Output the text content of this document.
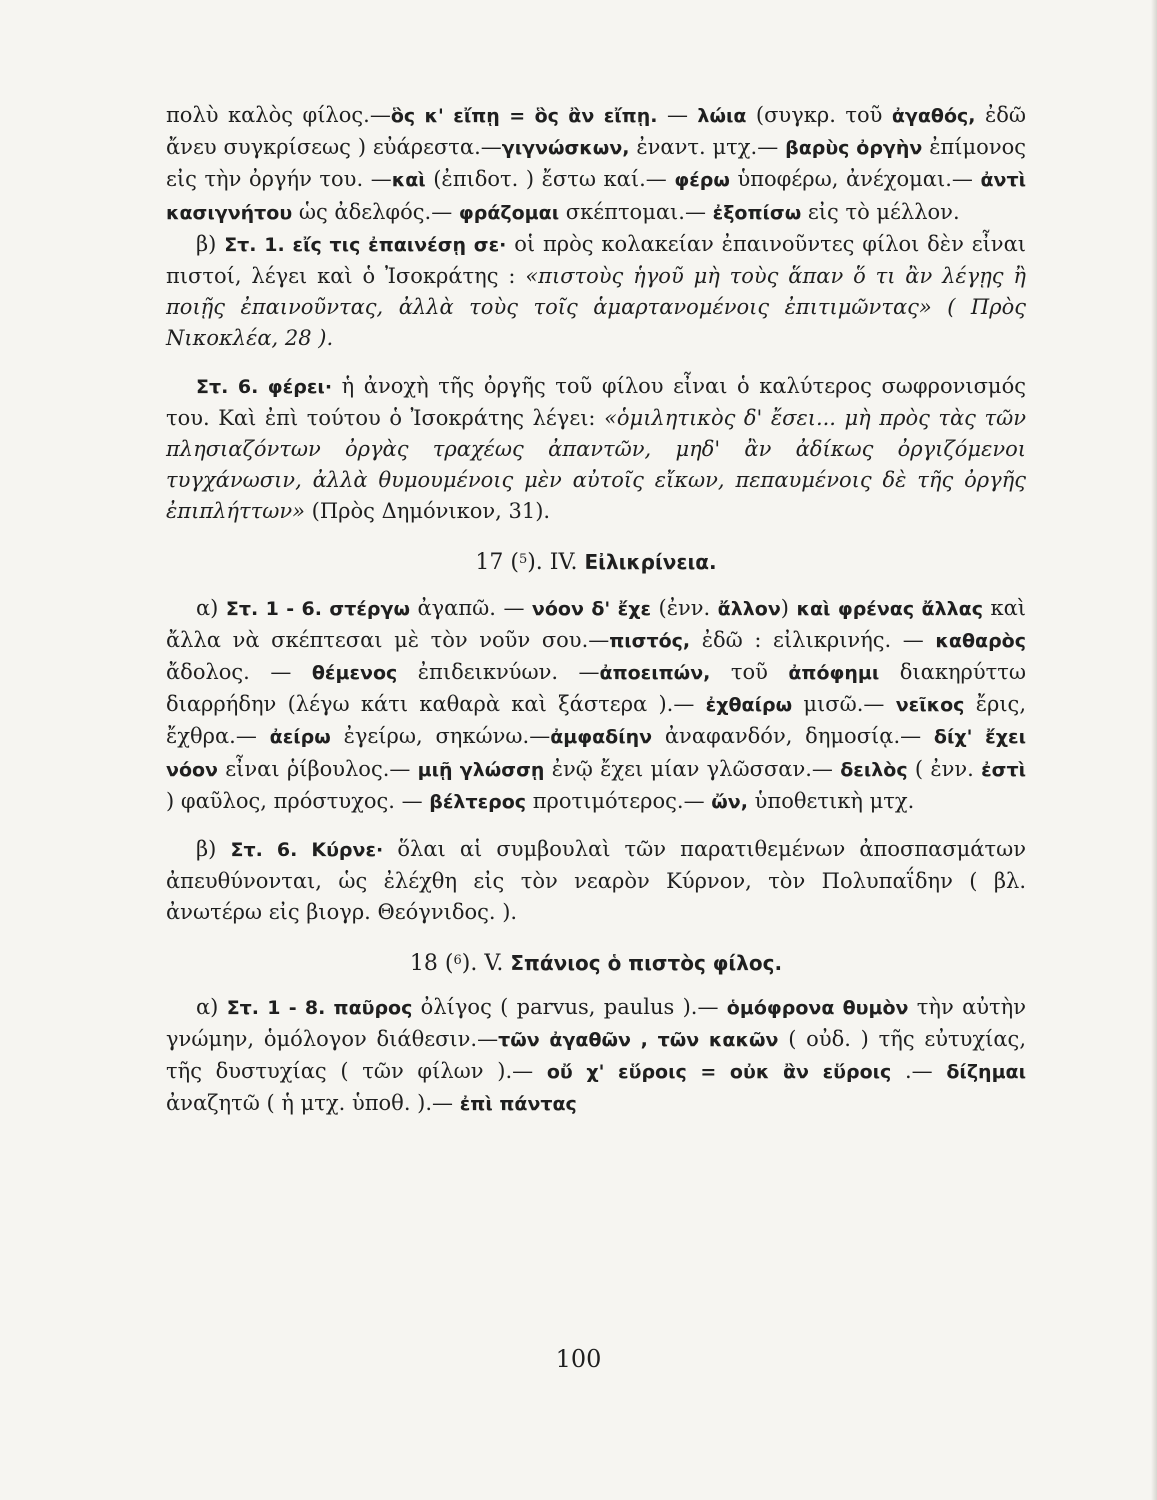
πολὺ καλὸς φίλος.—ὃς κ' εἴπῃ = ὃς ἂν εἴπῃ. — λώια (συγκρ. τοῦ ἀγαθός, ἐδῶ ἄνευ συγκρίσεως ) εὐάρεστα.—γιγνώσκων, ἐναντ. μτχ.— βαρὺς ὀργὴν ἐπίμονος εἰς τὴν ὀργήν του. —καὶ (ἐπιδοτ. ) ἔστω καί.— φέρω ὑποφέρω, ἀνέχομαι.— ἀντὶ κασιγνήτου ὡς ἀδελφός.— φράζομαι σκέπτομαι.— ἐξοπίσω εἰς τὸ μέλλον.

β) Στ. 1. εἴς τις ἐπαινέσῃ σε· οἱ πρὸς κολακείαν ἐπαινοῦντες φίλοι δὲν εἶναι πιστοί, λέγει καὶ ὁ Ἰσοκράτης : «πιστοὺς ἡγοῦ μὴ τοὺς ἅπαν ὅ τι ἂν λέγῃς ἢ ποιῇς ἐπαινοῦντας, ἀλλὰ τοὺς τοῖς ἁμαρτανομένοις ἐπιτιμῶντας» ( Πρὸς Νικοκλέα, 28 ).

Στ. 6. φέρει· ἡ ἀνοχὴ τῆς ὀργῆς τοῦ φίλου εἶναι ὁ καλύτερος σωφρονισμός του. Καὶ ἐπὶ τούτου ὁ Ἰσοκράτης λέγει: «ὁμιλητικὸς δ' ἔσει... μὴ πρὸς τὰς τῶν πλησιαζόντων ὀργὰς τραχέως ἀπαντῶν, μηδ' ἂν ἀδίκως ὀργιζόμενοι τυγχάνωσιν, ἀλλὰ θυμουμένοις μὲν αὐτοῖς εἴκων, πεπαυμένοις δὲ τῆς ὀργῆς ἐπιπλήττων» (Πρὸς Δημόνικον, 31).

17 ($^5$). IV. Εἰλικρίνεια.

α) Στ. 1 - 6. στέργω ἀγαπῶ. — νόον δ' ἔχε (ἐνν. ἄλλον) καὶ φρένας ἄλλας καὶ ἄλλα νὰ σκέπτεσαι μὲ τὸν νοῦν σου.—πιστός, ἐδῶ : εἰλικρινής. — καθαρὸς ἄδολος. — θέμενος ἐπιδεικνύων. —ἀποειπών, τοῦ ἀπόφημι διακηρύττω διαρρήδην (λέγω κάτι καθαρὰ καὶ ξάστερα ).— ἐχθαίρω μισῶ.— νεῖκος ἔρις, ἔχθρα.— ἀείρω ἐγείρω, σηκώνω.—ἀμφαδίην ἀναφανδόν, δημοσίᾳ.— δίχ' ἔχει νόον εἶναι ῥίβουλος.— μιῇ γλώσσῃ ἐνῷ ἔχει μίαν γλῶσσαν.— δειλὸς ( ἐνν. ἐστὶ ) φαῦλος, πρόστυχος. — βέλτερος προτιμότερος.— ὤν, ὑποθετικὴ μτχ.

β) Στ. 6. Κύρνε· ὅλαι αἱ συμβουλαὶ τῶν παρατιθεμένων ἀποσπασμάτων ἀπευθύνονται, ὡς ἐλέχθη εἰς τὸν νεαρὸν Κύρνον, τὸν Πολυπαΐδην ( βλ. ἀνωτέρω εἰς βιογρ. Θεόγνιδος. ).

18 ($^6$). V. Σπάνιος ὁ πιστὸς φίλος.

α) Στ. 1 - 8. παῦρος ὀλίγος ( parvus, paulus ).— ὁμόφρονα θυμὸν τὴν αὐτὴν γνώμην, ὁμόλογον διάθεσιν.—τῶν ἀγαθῶν , τῶν κακῶν ( οὐδ. ) τῆς εὐτυχίας, τῆς δυστυχίας ( τῶν φίλων ).— οὔ χ' εὕροις = οὐκ ἂν εὕροις .— δίζημαι ἀναζητῶ ( ἡ μτχ. ὑποθ. ).— ἐπὶ πάντας

100
